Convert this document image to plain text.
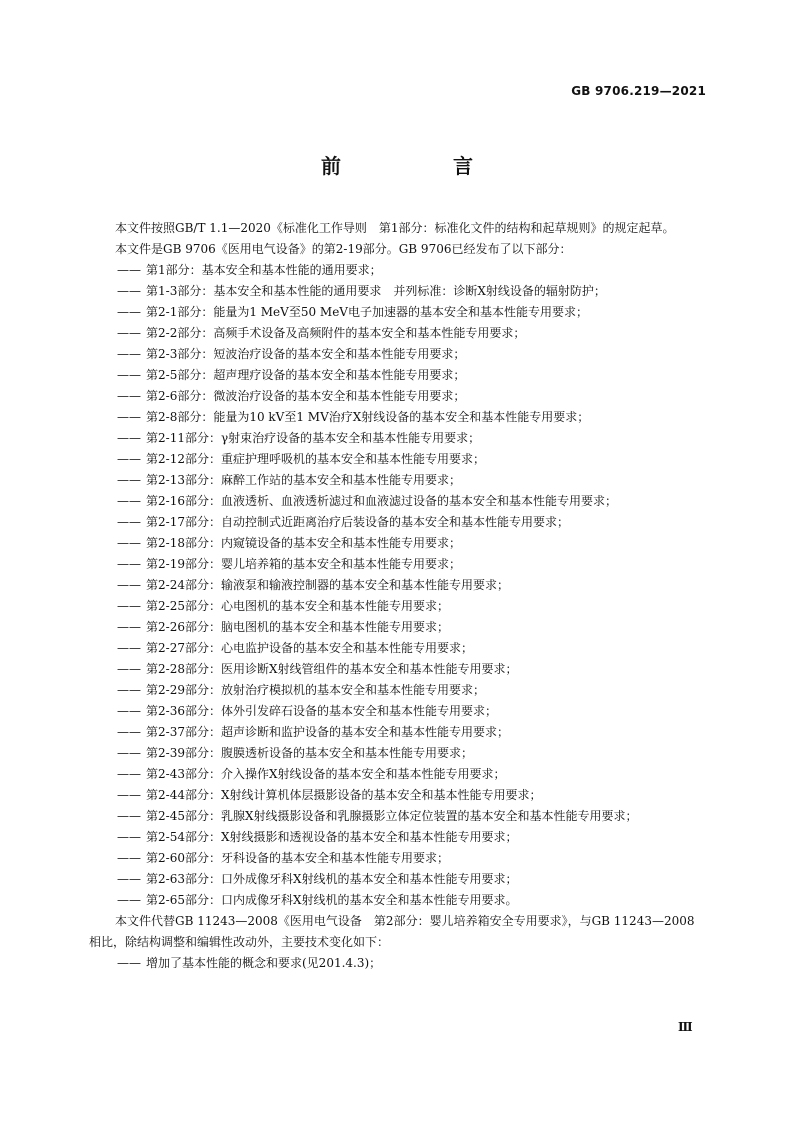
GB 9706.219—2021
前　言

本文件按照GB/T 1.1—2020《标准化工作导则　第1部分：标准化文件的结构和起草规则》的规定起草。

本文件是GB 9706《医用电气设备》的第2-19部分。GB 9706已经发布了以下部分：

—— 第1部分：基本安全和基本性能的通用要求；

—— 第1-3部分：基本安全和基本性能的通用要求　并列标准：诊断X射线设备的辐射防护；

—— 第2-1部分：能量为1 MeV至50 MeV电子加速器的基本安全和基本性能专用要求；

—— 第2-2部分：高频手术设备及高频附件的基本安全和基本性能专用要求；

—— 第2-3部分：短波治疗设备的基本安全和基本性能专用要求；

—— 第2-5部分：超声理疗设备的基本安全和基本性能专用要求；

—— 第2-6部分：微波治疗设备的基本安全和基本性能专用要求；

—— 第2-8部分：能量为10 kV至1 MV治疗X射线设备的基本安全和基本性能专用要求；

—— 第2-11部分：γ射束治疗设备的基本安全和基本性能专用要求；

—— 第2-12部分：重症护理呼吸机的基本安全和基本性能专用要求；

—— 第2-13部分：麻醉工作站的基本安全和基本性能专用要求；

—— 第2-16部分：血液透析、血液透析滤过和血液滤过设备的基本安全和基本性能专用要求；

—— 第2-17部分：自动控制式近距离治疗后装设备的基本安全和基本性能专用要求；

—— 第2-18部分：内窥镜设备的基本安全和基本性能专用要求；

—— 第2-19部分：婴儿培养箱的基本安全和基本性能专用要求；

—— 第2-24部分：输液泵和输液控制器的基本安全和基本性能专用要求；

—— 第2-25部分：心电图机的基本安全和基本性能专用要求；

—— 第2-26部分：脑电图机的基本安全和基本性能专用要求；

—— 第2-27部分：心电监护设备的基本安全和基本性能专用要求；

—— 第2-28部分：医用诊断X射线管组件的基本安全和基本性能专用要求；

—— 第2-29部分：放射治疗模拟机的基本安全和基本性能专用要求；

—— 第2-36部分：体外引发碎石设备的基本安全和基本性能专用要求；

—— 第2-37部分：超声诊断和监护设备的基本安全和基本性能专用要求；

—— 第2-39部分：腹膜透析设备的基本安全和基本性能专用要求；

—— 第2-43部分：介入操作X射线设备的基本安全和基本性能专用要求；

—— 第2-44部分：X射线计算机体层摄影设备的基本安全和基本性能专用要求；

—— 第2-45部分：乳腺X射线摄影设备和乳腺摄影立体定位装置的基本安全和基本性能专用要求；

—— 第2-54部分：X射线摄影和透视设备的基本安全和基本性能专用要求；

—— 第2-60部分：牙科设备的基本安全和基本性能专用要求；

—— 第2-63部分：口外成像牙科X射线机的基本安全和基本性能专用要求；

—— 第2-65部分：口内成像牙科X射线机的基本安全和基本性能专用要求。

本文件代替GB 11243—2008《医用电气设备　第2部分：婴儿培养箱安全专用要求》，与GB 11243—2008相比，除结构调整和编辑性改动外，主要技术变化如下：

—— 增加了基本性能的概念和要求(见201.4.3)；

Ⅲ
